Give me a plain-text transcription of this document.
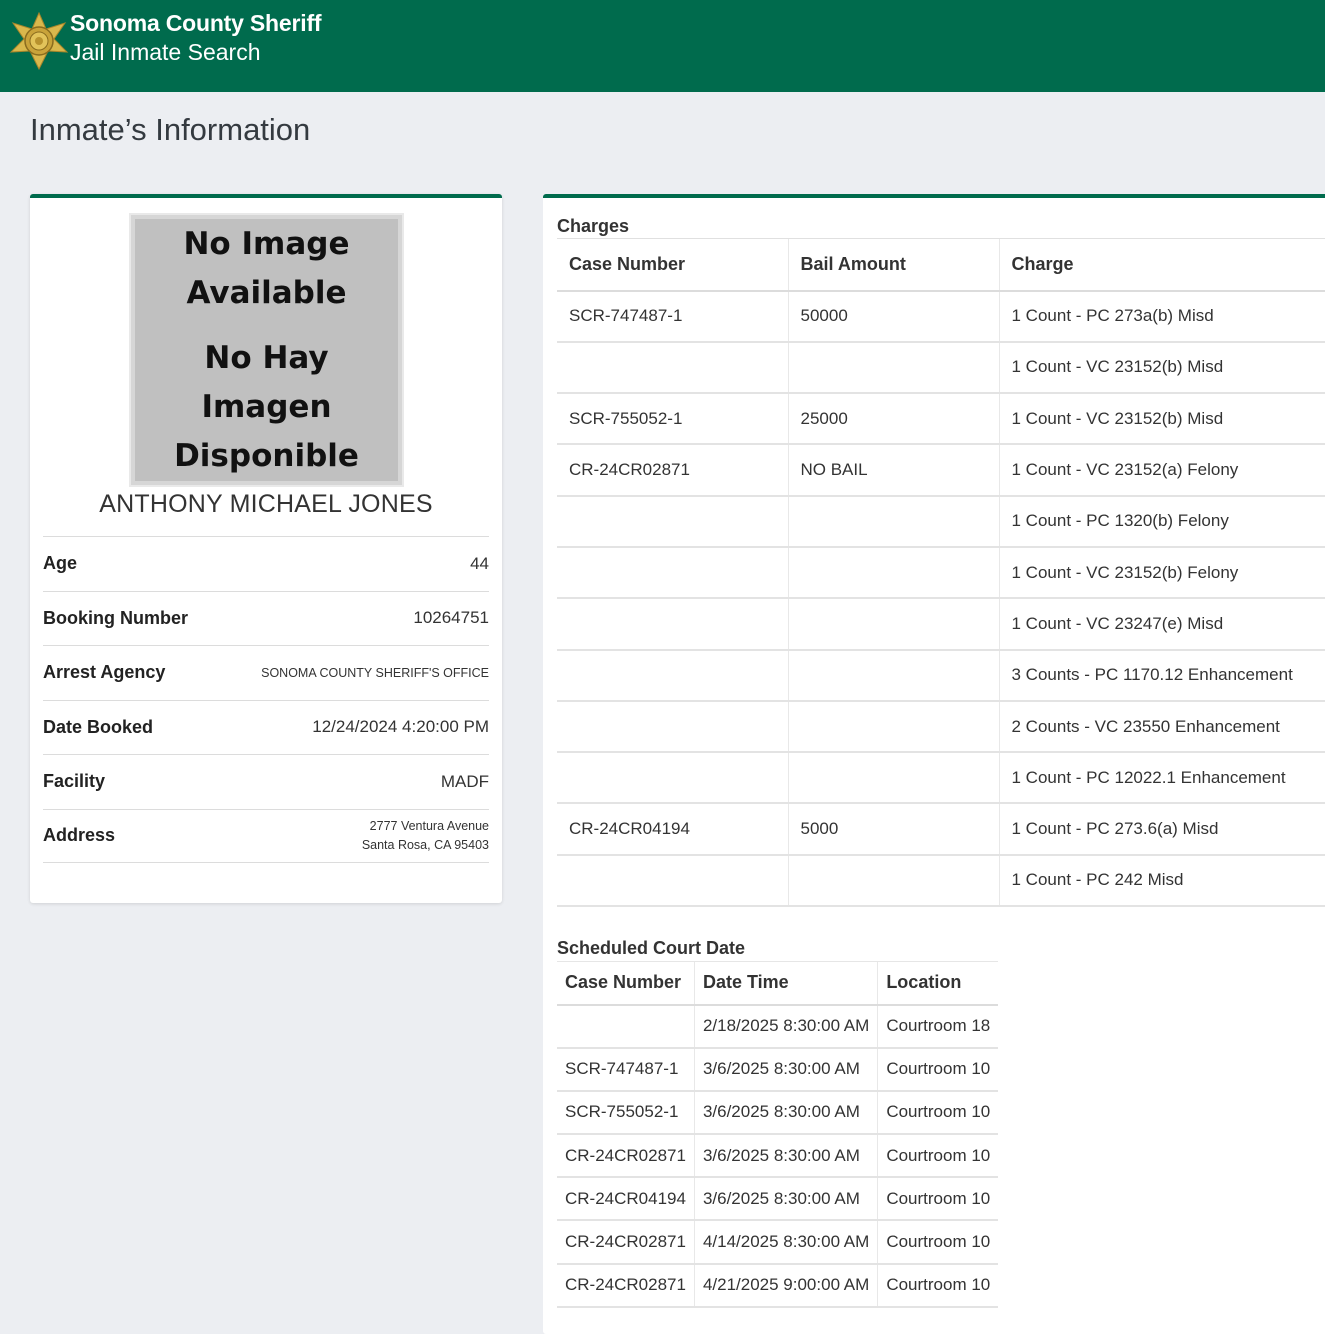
Sonoma County Sheriff
Jail Inmate Search
Inmate’s Information
No Image
Available
No Hay Imagen
Disponible
ANTHONY MICHAEL JONES
Age	44
Booking Number	10264751
Arrest Agency	SONOMA COUNTY SHERIFF'S OFFICE
Date Booked	12/24/2024 4:20:00 PM
Facility	MADF
Address	2777 Ventura Avenue
Santa Rosa, CA 95403
Charges
Case Number	Bail Amount	Charge
SCR-747487-1	50000	1 Count - PC 273a(b) Misd
		1 Count - VC 23152(b) Misd
SCR-755052-1	25000	1 Count - VC 23152(b) Misd
CR-24CR02871	NO BAIL	1 Count - VC 23152(a) Felony
		1 Count - PC 1320(b) Felony
		1 Count - VC 23152(b) Felony
		1 Count - VC 23247(e) Misd
		3 Counts - PC 1170.12 Enhancement
		2 Counts - VC 23550 Enhancement
		1 Count - PC 12022.1 Enhancement
CR-24CR04194	5000	1 Count - PC 273.6(a) Misd
		1 Count - PC 242 Misd
Scheduled Court Date
Case Number	Date Time	Location
	2/18/2025 8:30:00 AM	Courtroom 18
SCR-747487-1	3/6/2025 8:30:00 AM	Courtroom 10
SCR-755052-1	3/6/2025 8:30:00 AM	Courtroom 10
CR-24CR02871	3/6/2025 8:30:00 AM	Courtroom 10
CR-24CR04194	3/6/2025 8:30:00 AM	Courtroom 10
CR-24CR02871	4/14/2025 8:30:00 AM	Courtroom 10
CR-24CR02871	4/21/2025 9:00:00 AM	Courtroom 10
